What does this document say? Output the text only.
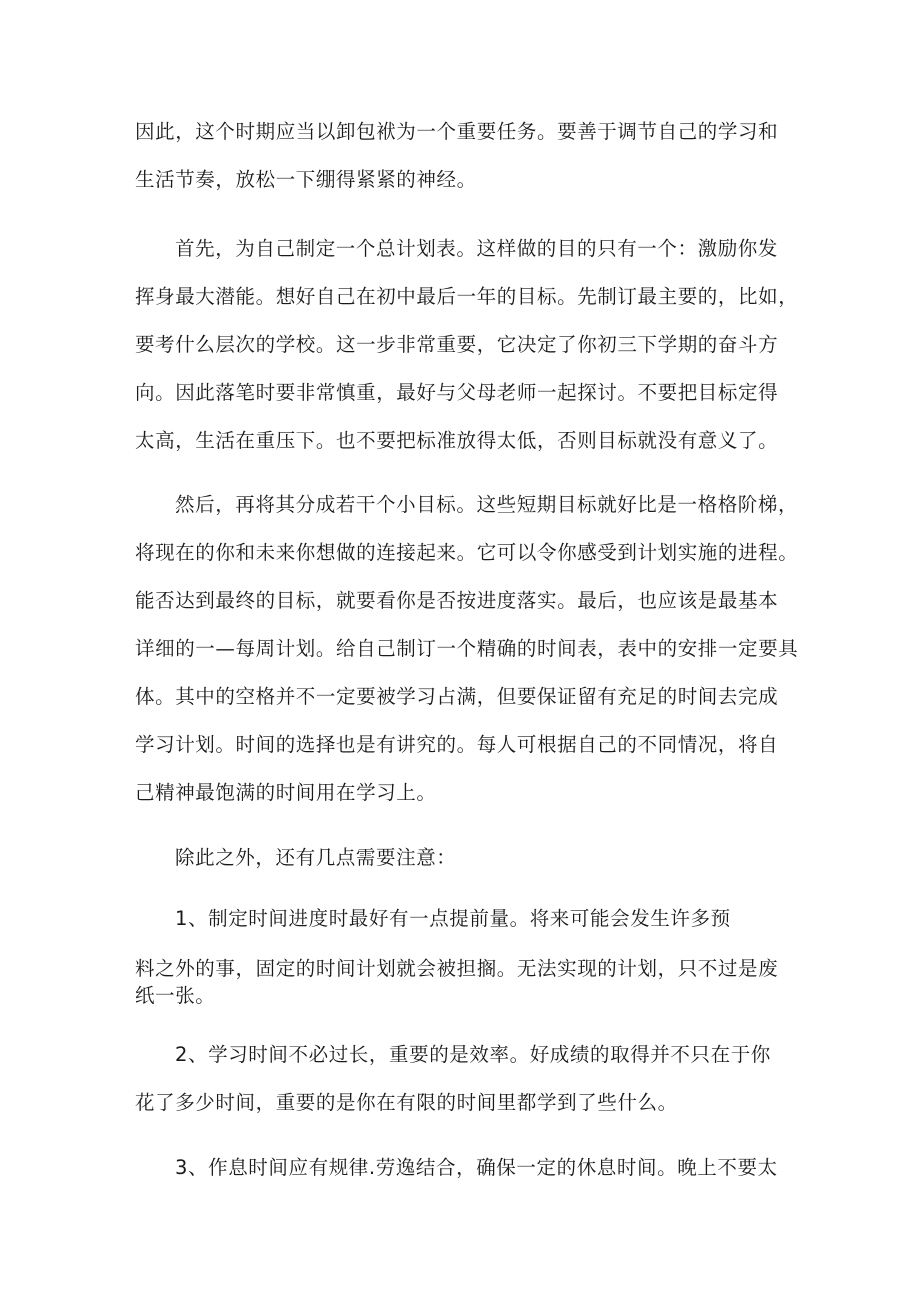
因此，这个时期应当以卸包袱为一个重要任务。要善于调节自己的学习和
生活节奏，放松一下绷得紧紧的神经。
首先，为自己制定一个总计划表。这样做的目的只有一个：激励你发
挥身最大潜能。想好自己在初中最后一年的目标。先制订最主要的，比如，
要考什么层次的学校。这一步非常重要，它决定了你初三下学期的奋斗方
向。因此落笔时要非常慎重，最好与父母老师一起探讨。不要把目标定得
太高，生活在重压下。也不要把标准放得太低，否则目标就没有意义了。
然后，再将其分成若干个小目标。这些短期目标就好比是一格格阶梯，
将现在的你和未来你想做的连接起来。它可以令你感受到计划实施的进程。
能否达到最终的目标，就要看你是否按进度落实。最后，也应该是最基本
详细的一—每周计划。给自己制订一个精确的时间表，表中的安排一定要具
体。其中的空格并不一定要被学习占满，但要保证留有充足的时间去完成
学习计划。时间的选择也是有讲究的。每人可根据自己的不同情况，将自
己精神最饱满的时间用在学习上。
除此之外，还有几点需要注意：
1、制定时间进度时最好有一点提前量。将来可能会发生许多预
料之外的事，固定的时间计划就会被担搁。无法实现的计划，只不过是废
纸一张。
2、学习时间不必过长，重要的是效率。好成绩的取得并不只在于你
花了多少时间，重要的是你在有限的时间里都学到了些什么。
3、作息时间应有规律.劳逸结合，确保一定的休息时间。晚上不要太
